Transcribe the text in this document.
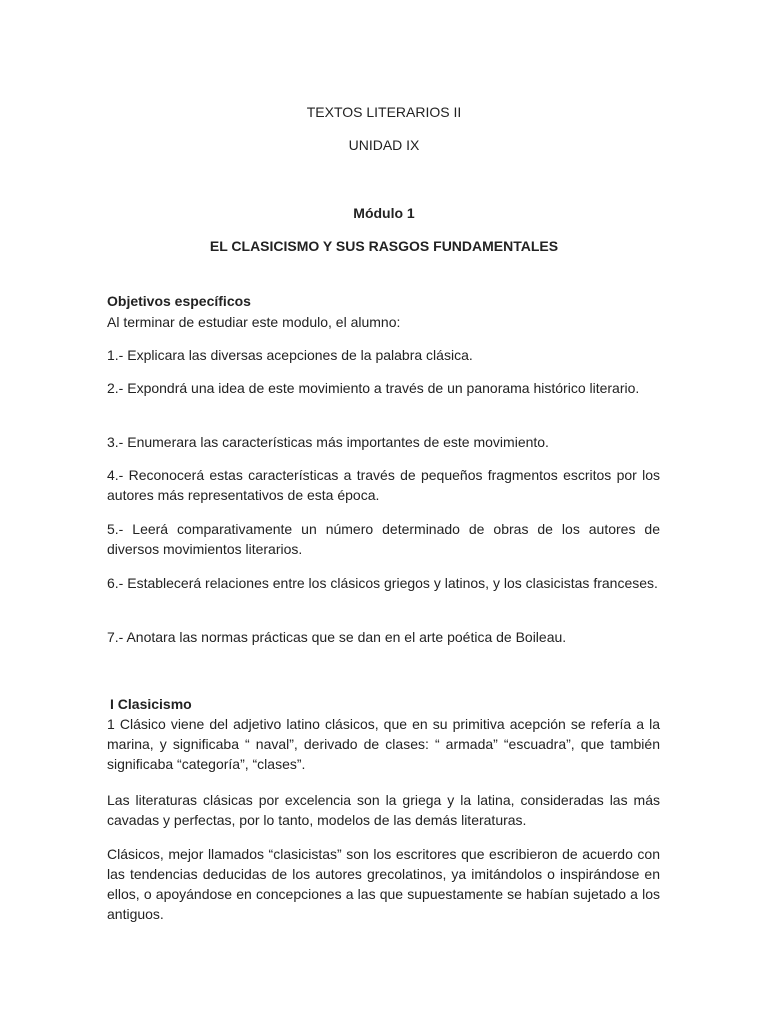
TEXTOS LITERARIOS II
UNIDAD IX
Módulo 1
EL CLASICISMO Y SUS RASGOS FUNDAMENTALES
Objetivos específicos
Al terminar de estudiar este modulo, el alumno:
1.- Explicara las diversas acepciones de la palabra clásica.
2.- Expondrá una idea de este movimiento a través de un panorama histórico literario.
3.- Enumerara las características más importantes de este movimiento.
4.- Reconocerá estas características a través de pequeños fragmentos escritos por los autores más representativos de esta época.
5.- Leerá comparativamente un número determinado de obras de los autores de diversos movimientos literarios.
6.- Establecerá relaciones entre los clásicos griegos y latinos, y los clasicistas franceses.
7.- Anotara las normas prácticas que se dan en el arte poética de Boileau.
I Clasicismo
1 Clásico viene del adjetivo latino clásicos, que en su primitiva acepción se refería a la marina, y significaba “ naval”, derivado de clases: “ armada” “escuadra”, que también significaba “categoría”, “clases”.
Las literaturas clásicas por excelencia son la griega y la latina, consideradas las más cavadas y perfectas, por lo tanto, modelos de las demás literaturas.
Clásicos, mejor llamados “clasicistas” son los escritores que escribieron de acuerdo con las tendencias deducidas de los autores grecolatinos, ya imitándolos o inspirándose en ellos, o apoyándose en concepciones a las que supuestamente se habían sujetado a los antiguos.
